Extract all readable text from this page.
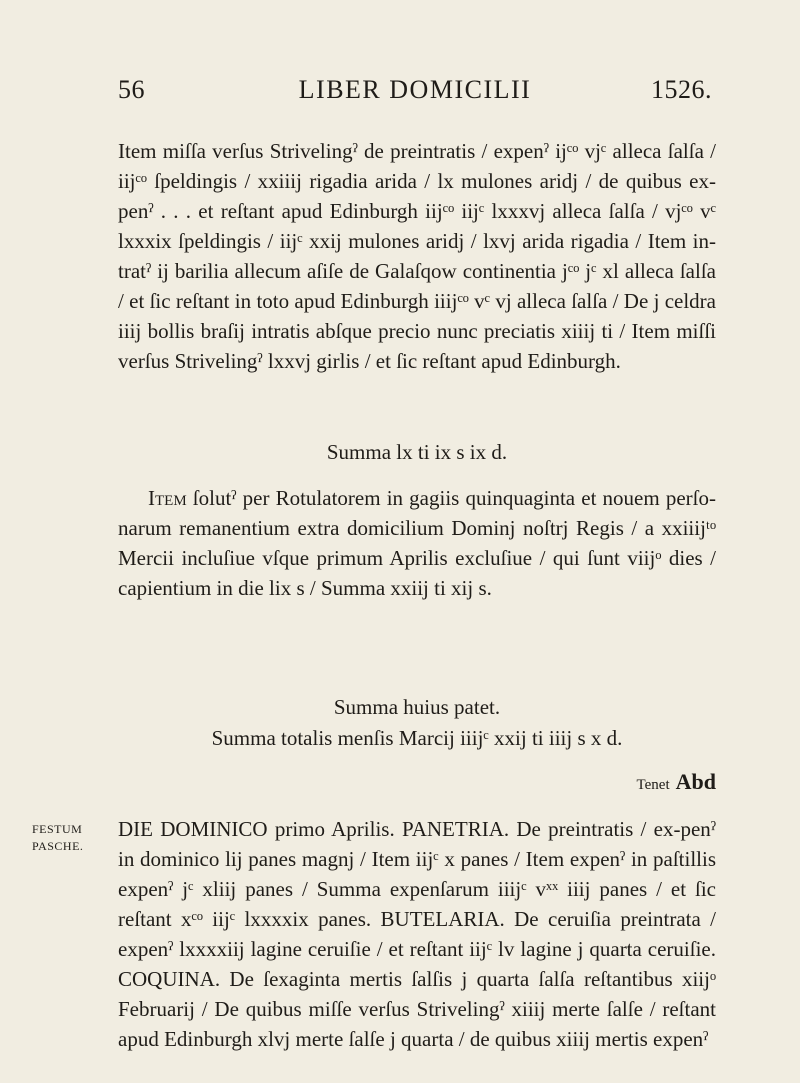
56	LIBER DOMICILII	1526.

Item miſſa verſus Strivelingˀ de preintratis / expenˀ ijᶜᵒ vjᶜ alleca ſalſa / iijᶜᵒ ſpeldingis / xxiiij rigadia arida / lx mulones aridj / de quibus ex-penˀ . . . et reſtant apud Edinburgh iijᶜᵒ iijᶜ lxxxvj alleca ſalſa / vjᶜᵒ vᶜ lxxxix ſpeldingis / iijᶜ xxij mulones aridj / lxvj arida rigadia / Item in-tratˀ ij barilia allecum aſiſe de Galaſqow continentia jᶜᵒ jᶜ xl alleca ſalſa / et ſic reſtant in toto apud Edinburgh iiijᶜᵒ vᶜ vj alleca ſalſa / De j celdra iiij bollis braſij intratis abſque precio nunc preciatis xiiij ti / Item miſſi verſus Strivelingˀ lxxvj girlis / et ſic reſtant apud Edinburgh.

Summa lx ti ix s ix d.

Item ſolutˀ per Rotulatorem in gagiis quinquaginta et nouem perſo-narum remanentium extra domicilium Dominj noſtrj Regis / a xxiiijᵗᵒ Mercii incluſiue vſque primum Aprilis excluſiue / qui ſunt viijᵒ dies / capientium in die lix s / Summa xxiij ti xij s.

Summa huius patet.

Summa totalis menſis Marcij iiijᶜ xxij ti iiij s x d.

Tenet Abd
FESTUM PASCHE.

DIE DOMINICO primo Aprilis. PANETRIA. De preintratis / ex-penˀ in dominico lij panes magnj / Item iijᶜ x panes / Item expenˀ in paſtillis expenˀ jᶜ xliij panes / Summa expenſarum iiijᶜ vˣˣ iiij panes / et ſic reſtant xᶜᵒ iijᶜ lxxxxix panes. BUTELARIA. De ceruiſia preintrata / expenˀ lxxxxiij lagine ceruiſie / et reſtant iijᶜ lv lagine j quarta ceruiſie. COQUINA. De ſexaginta mertis ſalſis j quarta ſalſa reſtantibus xiijᵒ Februarij / De quibus miſſe verſus Strivelingˀ xiiij merte ſalſe / reſtant apud Edinburgh xlvj merte ſalſe j quarta / de quibus xiiij mertis expenˀ
